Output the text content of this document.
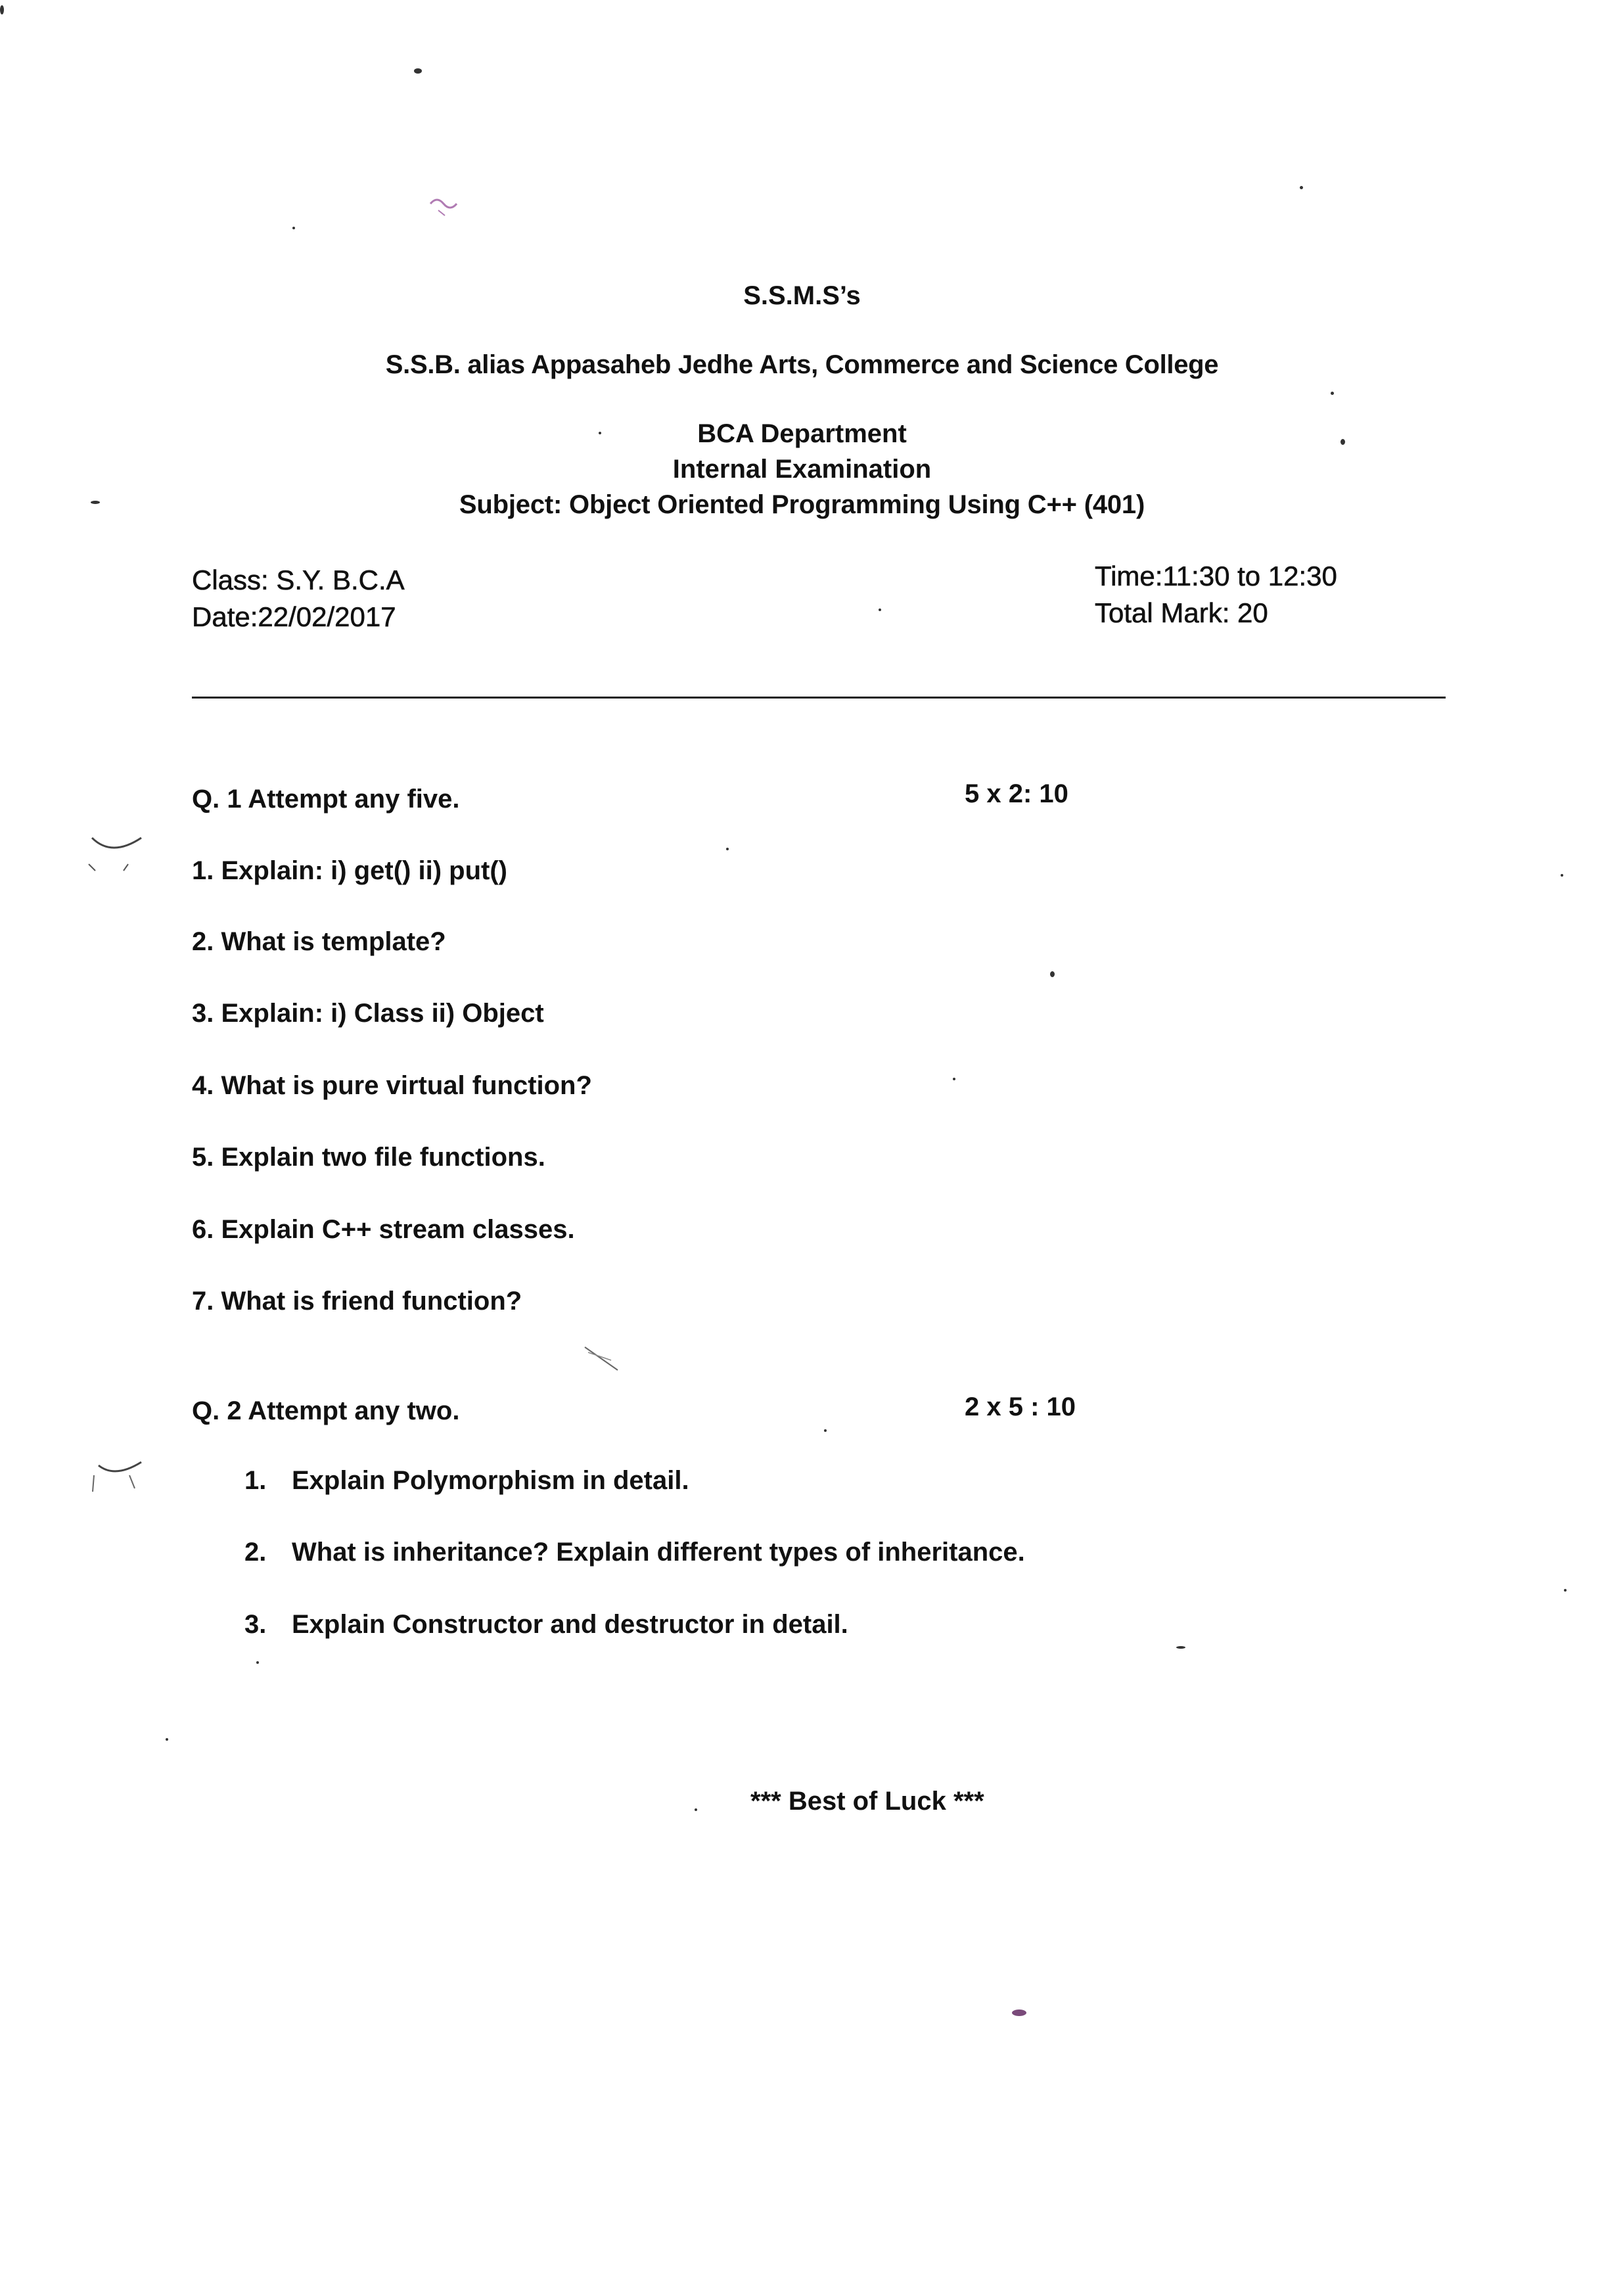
S.S.M.S’s
S.S.B. alias Appasaheb Jedhe Arts, Commerce and Science College
BCA Department
Internal Examination
Subject: Object Oriented Programming Using C++ (401)
Class: S.Y. B.C.A
Date:22/02/2017
Time:11:30 to 12:30
Total Mark: 20
Q. 1 Attempt any five.	5 x 2: 10
1. Explain: i) get() ii) put()
2. What is template?
3. Explain: i) Class ii) Object
4. What is pure virtual function?
5. Explain two file functions.
6. Explain C++ stream classes.
7. What is friend function?
Q. 2 Attempt any two.	2 x 5 : 10
1. Explain Polymorphism in detail.
2. What is inheritance? Explain different types of inheritance.
3. Explain Constructor and destructor in detail.
*** Best of Luck ***
